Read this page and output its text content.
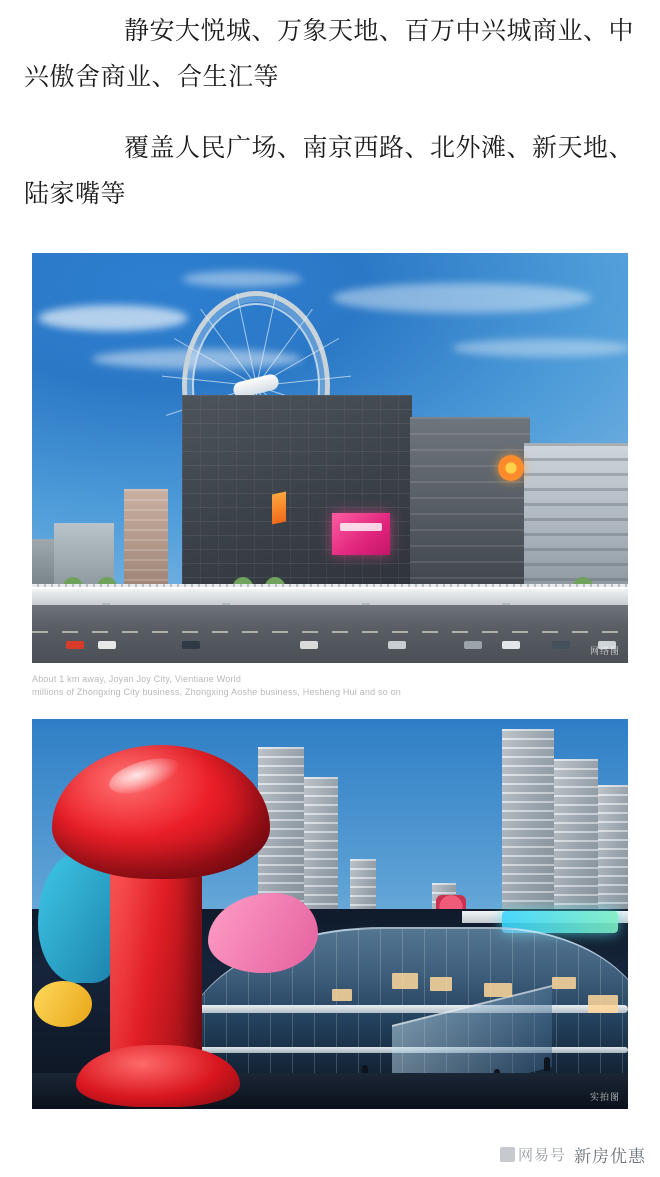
静安大悦城、万象天地、百万中兴城商业、中兴傲舍商业、合生汇等

覆盖人民广场、南京西路、北外滩、新天地、陆家嘴等

网络图
About 1 km away, Joyan Joy City, Vientiane World
millions of Zhongxing City business, Zhongxing Aoshe business, Hesheng Hui and so on
实拍图
网易号 新房优惠
